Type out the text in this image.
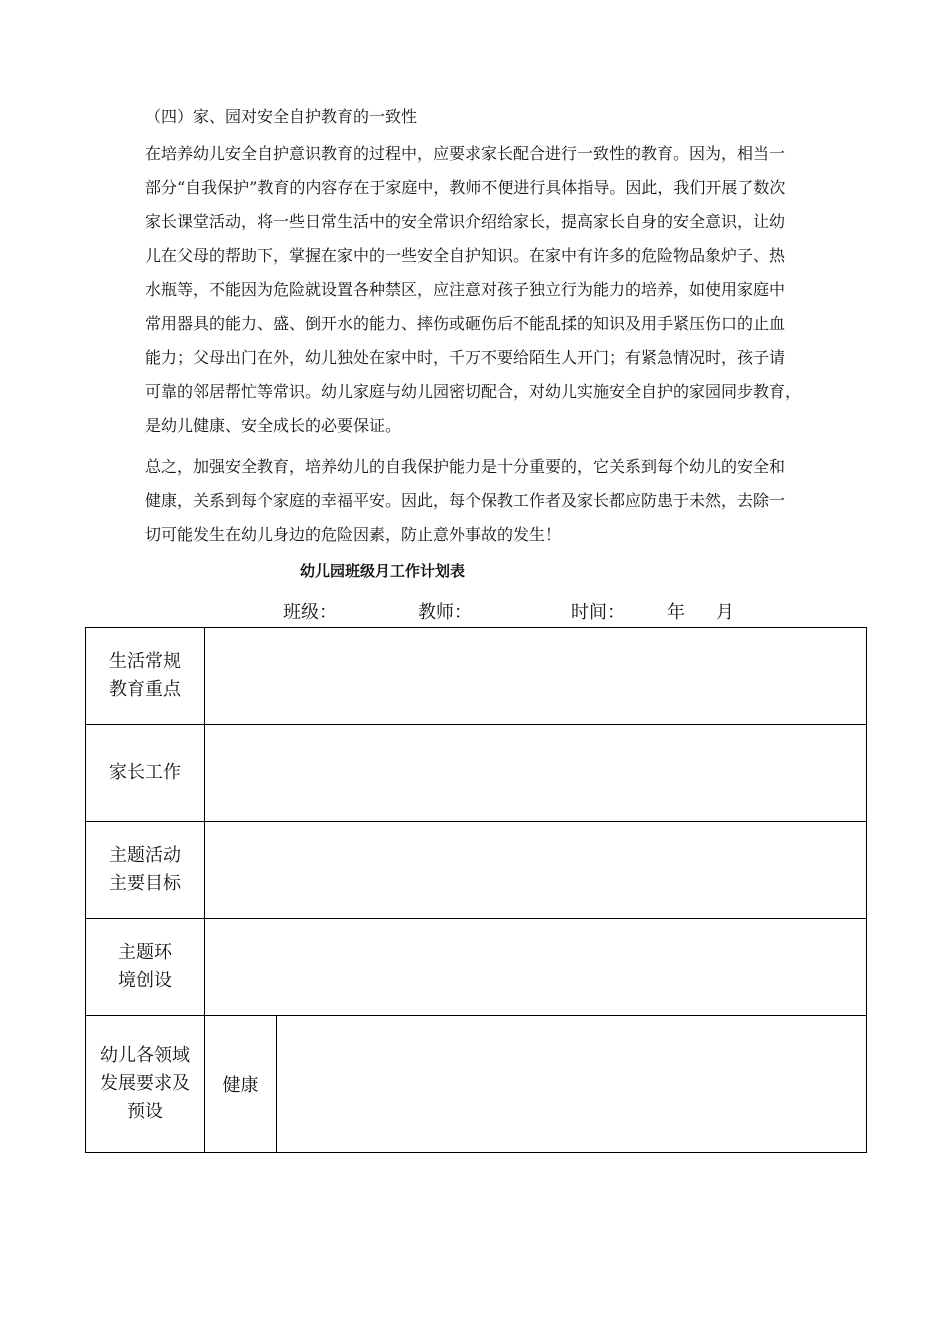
（四）家、园对安全自护教育的一致性
在培养幼儿安全自护意识教育的过程中，应要求家长配合进行一致性的教育。因为，相当一
部分“自我保护”教育的内容存在于家庭中，教师不便进行具体指导。因此，我们开展了数次
家长课堂活动，将一些日常生活中的安全常识介绍给家长，提高家长自身的安全意识，让幼
儿在父母的帮助下，掌握在家中的一些安全自护知识。在家中有许多的危险物品象炉子、热
水瓶等，不能因为危险就设置各种禁区，应注意对孩子独立行为能力的培养，如使用家庭中
常用器具的能力、盛、倒开水的能力、摔伤或砸伤后不能乱揉的知识及用手紧压伤口的止血
能力；父母出门在外，幼儿独处在家中时，千万不要给陌生人开门；有紧急情况时，孩子请
可靠的邻居帮忙等常识。幼儿家庭与幼儿园密切配合，对幼儿实施安全自护的家园同步教育，
是幼儿健康、安全成长的必要保证。
总之，加强安全教育，培养幼儿的自我保护能力是十分重要的，它关系到每个幼儿的安全和
健康，关系到每个家庭的幸福平安。因此，每个保教工作者及家长都应防患于未然，去除一
切可能发生在幼儿身边的危险因素，防止意外事故的发生！
幼儿园班级月工作计划表
班级：	教师：	时间： 年 月
生活常规
教育重点		

家长工作		

主题活动
主要目标		

主题环
境创设		

幼儿各领域
发展要求及
预设	健康	
